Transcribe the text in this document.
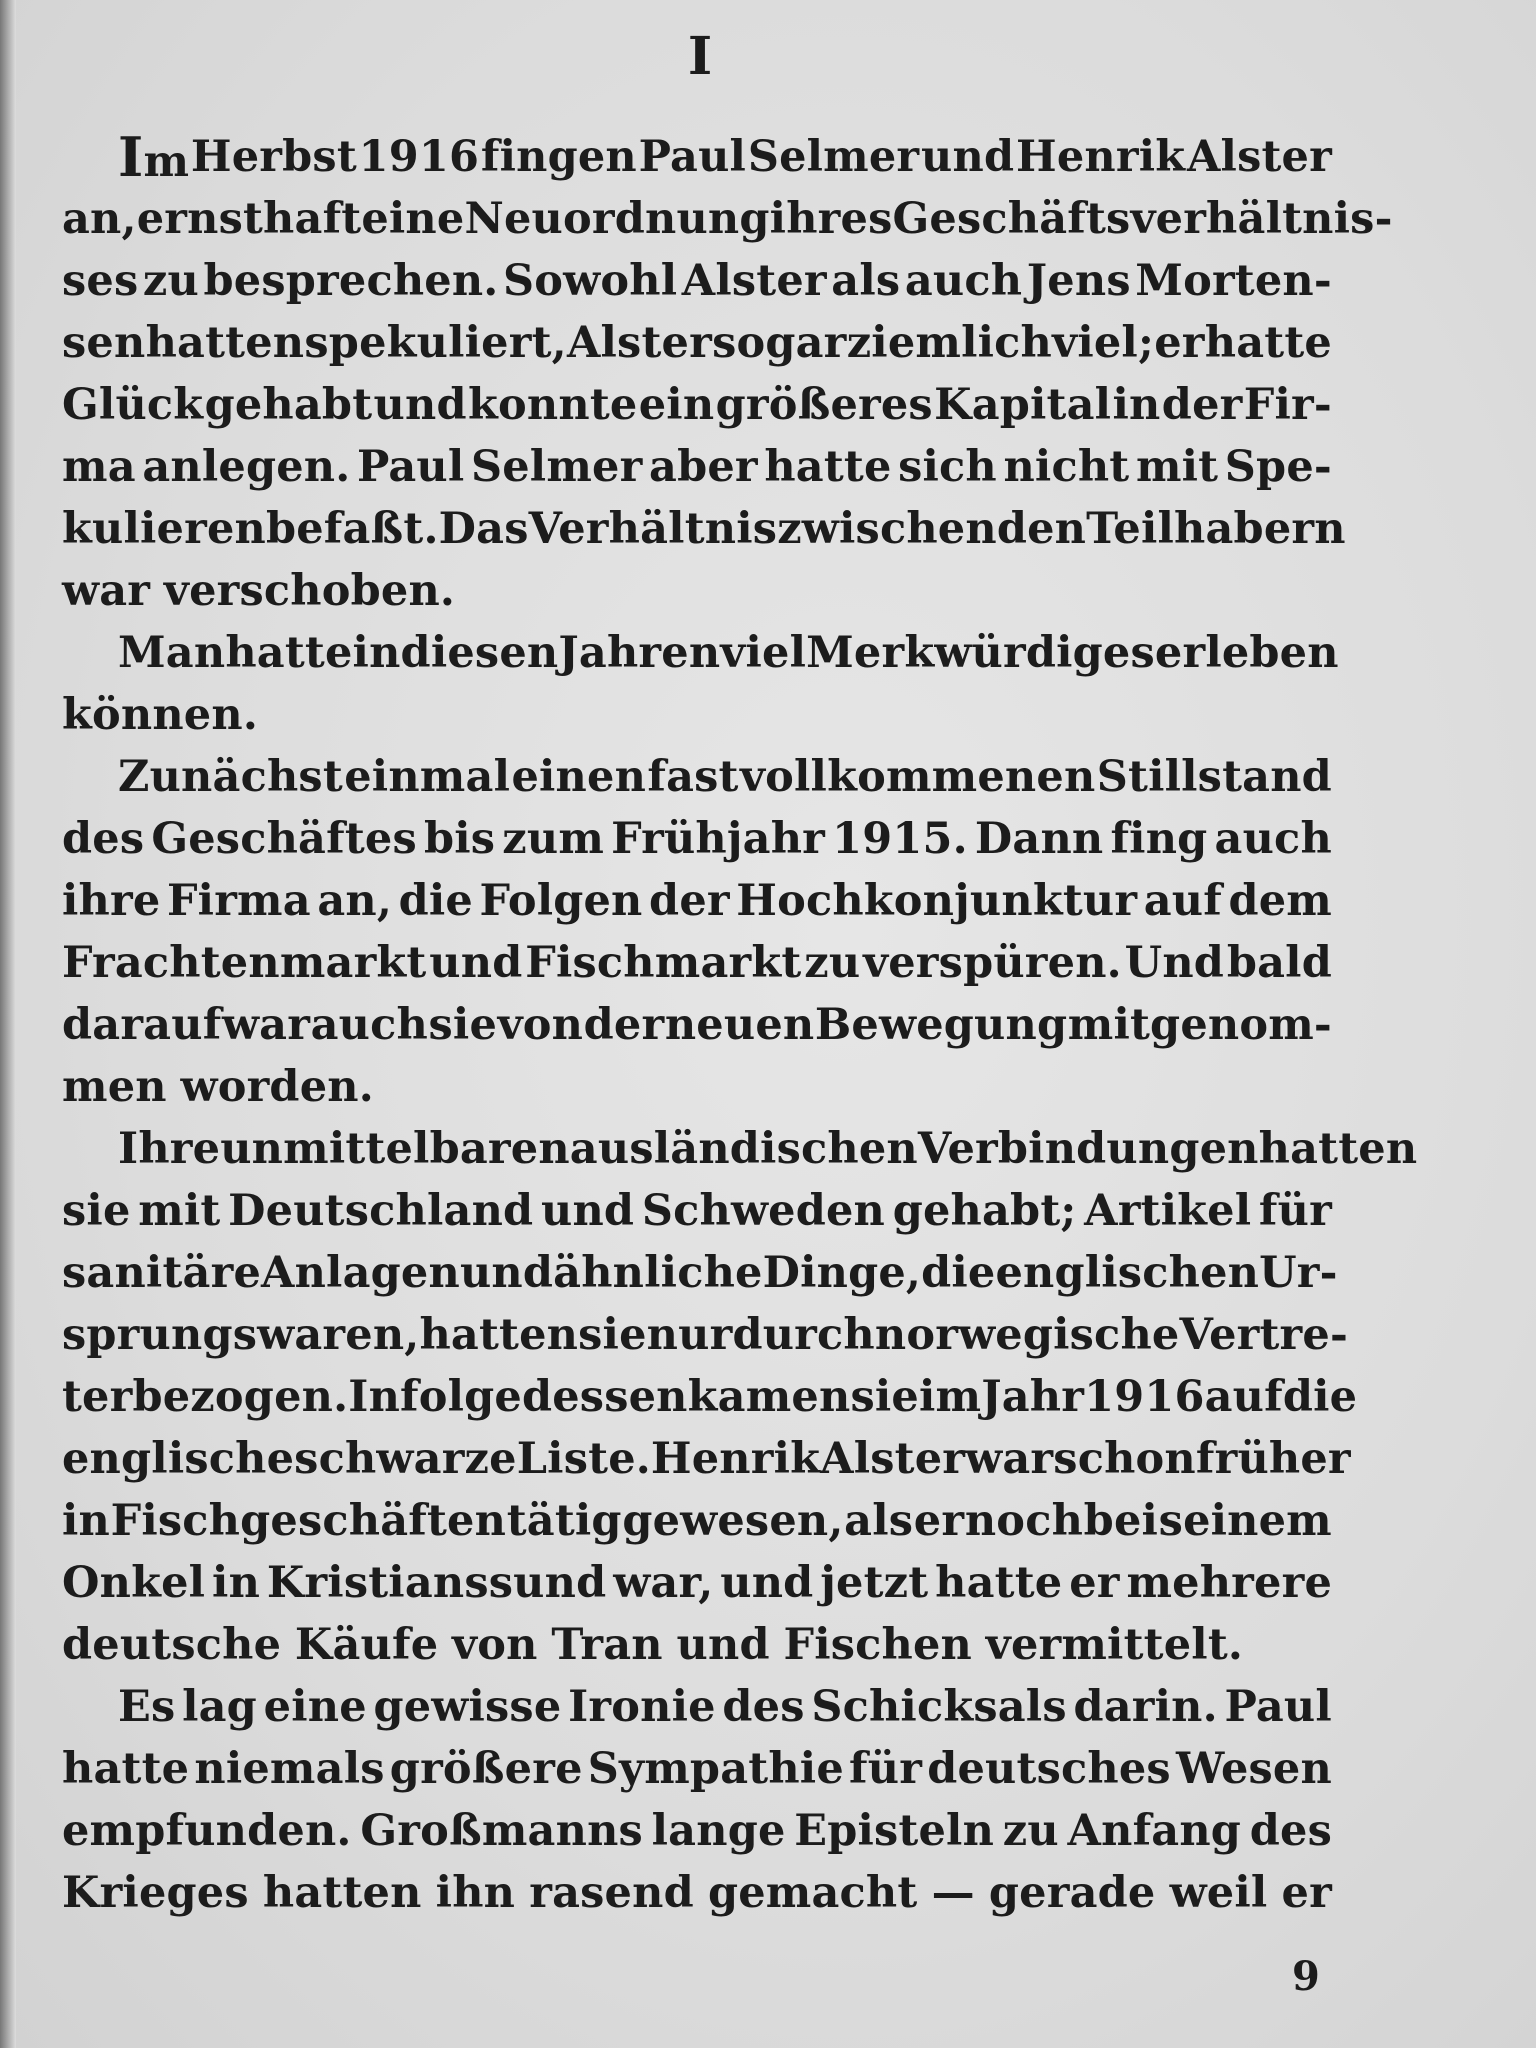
I
Im Herbst 1916 fingen Paul Selmer und Henrik Alster
an, ernsthaft eine Neuordnung ihres Geschäftsverhältnis-
ses zu besprechen. Sowohl Alster als auch Jens Morten-
sen hatten spekuliert, Alster sogar ziemlich viel; er hatte
Glück gehabt und konnte ein größeres Kapital in der Fir-
ma anlegen. Paul Selmer aber hatte sich nicht mit Spe-
kulieren befaßt. Das Verhältnis zwischen den Teilhabern
war verschoben.
Man hatte in diesen Jahren viel Merkwürdiges erleben
können.
Zunächst einmal einen fast vollkommenen Stillstand
des Geschäftes bis zum Frühjahr 1915. Dann fing auch
ihre Firma an, die Folgen der Hochkonjunktur auf dem
Frachtenmarkt und Fischmarkt zu verspüren. Und bald
darauf war auch sie von der neuen Bewegung mitgenom-
men worden.
Ihre unmittelbaren ausländischen Verbindungen hatten
sie mit Deutschland und Schweden gehabt; Artikel für
sanitäre Anlagen und ähnliche Dinge, die englischen Ur-
sprungs waren, hatten sie nur durch norwegische Vertre-
ter bezogen. Infolgedessen kamen sie im Jahr 1916 auf die
englische schwarze Liste. Henrik Alster war schon früher
in Fischgeschäften tätig gewesen, als er noch bei seinem
Onkel in Kristianssund war, und jetzt hatte er mehrere
deutsche Käufe von Tran und Fischen vermittelt.
Es lag eine gewisse Ironie des Schicksals darin. Paul
hatte niemals größere Sympathie für deutsches Wesen
empfunden. Großmanns lange Episteln zu Anfang des
Krieges hatten ihn rasend gemacht — gerade weil er
9
